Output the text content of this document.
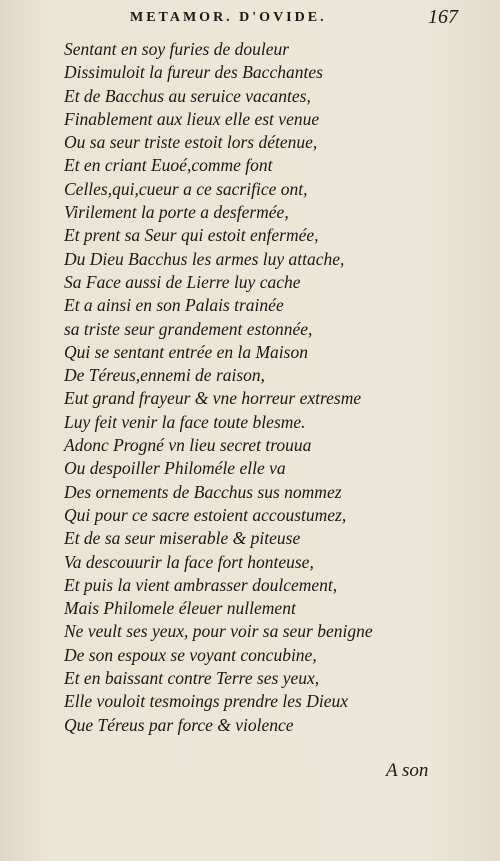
METAMOR. D'OVIDE.	167
Sentant en soy furies de douleur
Dissimuloit la fureur des Bacchantes
Et de Bacchus au seruice vacantes,
Finablement aux lieux elle est venue
Ou sa seur triste estoit lors détenue,
Et en criant Euoé,comme font
Celles,qui,cueur a ce sacrifice ont,
Virilement la porte a desfermée,
Et prent sa Seur qui estoit enfermée,
Du Dieu Bacchus les armes luy attache,
Sa Face aussi de Lierre luy cache
Et a ainsi en son Palais trainée
sa triste seur grandement estonnée,
Qui se sentant entrée en la Maison
De Téreus,ennemi de raison,
Eut grand frayeur & vne horreur extresme
Luy feit venir la face toute blesme.
Adonc Progné vn lieu secret trouua
Ou despoiller Philoméle elle va
Des ornements de Bacchus sus nommez
Qui pour ce sacre estoient accoustumez,
Et de sa seur miserable & piteuse
Va descouurir la face fort honteuse,
Et puis la vient ambrasser doulcement,
Mais Philomele éleuer nullement
Ne veult ses yeux, pour voir sa seur benigne
De son espoux se voyant concubine,
Et en baissant contre Terre ses yeux,
Elle vouloit tesmoings prendre les Dieux
Que Téreus par force & violence
A son
